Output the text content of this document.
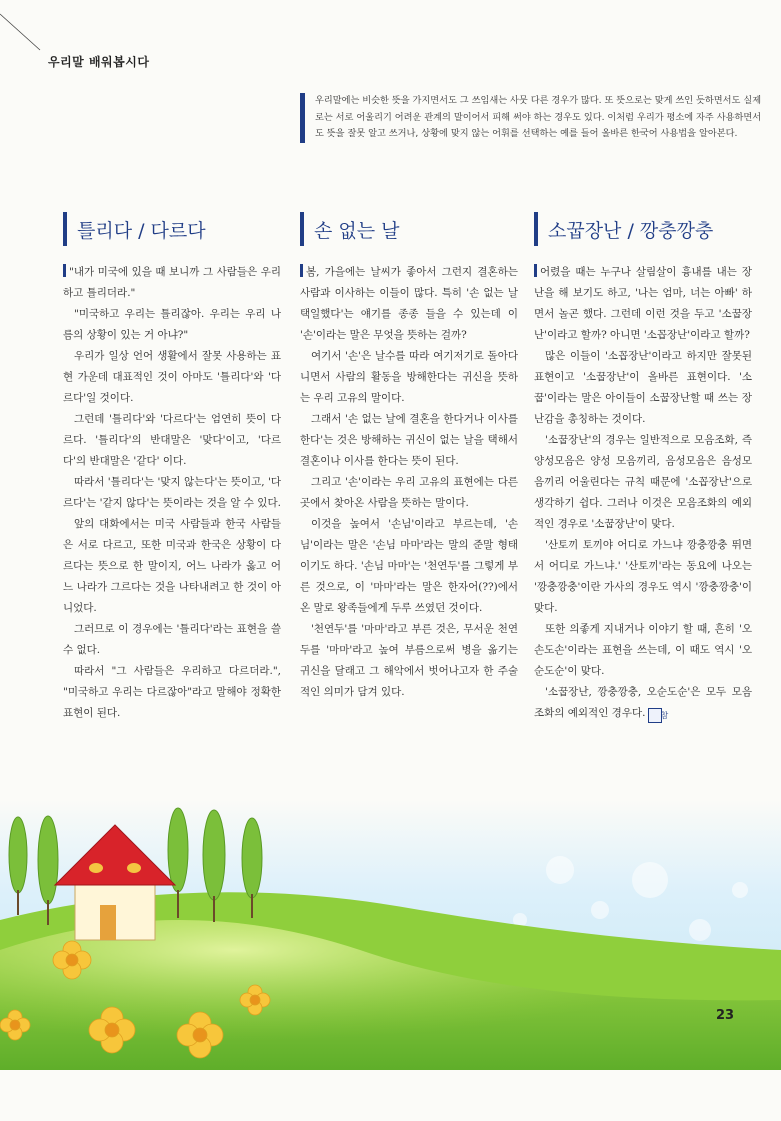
우리말 배워봅시다
우리말에는 비슷한 뜻을 가지면서도 그 쓰임새는 사뭇 다른 경우가 많다. 또 뜻으로는 맞게 쓰인 듯하면서도 실제로는 서로 어울리기 어려운 관계의 말이어서 피해 써야 하는 경우도 있다. 이처럼 우리가 평소에 자주 사용하면서도 뜻을 잘못 알고 쓰거나, 상황에 맞지 않는 어휘를 선택하는 예를 들어 올바른 한국어 사용법을 알아본다.
틀리다 / 다르다

"내가 미국에 있을 때 보니까 그 사람들은 우리하고 틀리더라."

"미국하고 우리는 틀리잖아. 우리는 우리 나름의 상황이 있는 거 아냐?"

우리가 일상 언어 생활에서 잘못 사용하는 표현 가운데 대표적인 것이 아마도 '틀리다'와 '다르다'일 것이다.

그런데 '틀리다'와 '다르다'는 엄연히 뜻이 다르다. '틀리다'의 반대말은 '맞다'이고, '다르다'의 반대말은 '같다' 이다.

따라서 '틀리다'는 '맞지 않는다'는 뜻이고, '다르다'는 '같지 않다'는 뜻이라는 것을 알 수 있다.

앞의 대화에서는 미국 사람들과 한국 사람들은 서로 다르고, 또한 미국과 한국은 상황이 다르다는 뜻으로 한 말이지, 어느 나라가 옳고 어느 나라가 그르다는 것을 나타내려고 한 것이 아니었다.

그러므로 이 경우에는 '틀리다'라는 표현을 쓸 수 없다.

따라서 "그 사람들은 우리하고 다르더라.", "미국하고 우리는 다르잖아"라고 말해야 정확한 표현이 된다.

손 없는 날

봄, 가을에는 날씨가 좋아서 그런지 결혼하는 사람과 이사하는 이들이 많다. 특히 '손 없는 날 택일했다'는 얘기를 종종 들을 수 있는데 이 '손'이라는 말은 무엇을 뜻하는 걸까?

여기서 '손'은 날수를 따라 여기저기로 돌아다니면서 사람의 활동을 방해한다는 귀신을 뜻하는 우리 고유의 말이다.

그래서 '손 없는 날에 결혼을 한다거나 이사를 한다'는 것은 방해하는 귀신이 없는 날을 택해서 결혼이나 이사를 한다는 뜻이 된다.

그리고 '손'이라는 우리 고유의 표현에는 다른 곳에서 찾아온 사람을 뜻하는 말이다.

이것을 높여서 '손님'이라고 부르는데, '손님'이라는 말은 '손님 마마'라는 말의 준말 형태이기도 하다. '손님 마마'는 '천연두'를 그렇게 부른 것으로, 이 '마마'라는 말은 한자어(??)에서 온 말로 왕족들에게 두루 쓰였던 것이다.

'천연두'를 '마마'라고 부른 것은, 무서운 천연두를 '마마'라고 높여 부름으로써 병을 옮기는 귀신을 달래고 그 해악에서 벗어나고자 한 주술적인 의미가 담겨 있다.

소꿉장난 / 깡충깡충

어렸을 때는 누구나 살림살이 흉내를 내는 장난을 해 보기도 하고, '나는 엄마, 너는 아빠' 하면서 놀곤 했다. 그런데 이런 것을 두고 '소꿉장난'이라고 할까? 아니면 '소꼽장난'이라고 할까?

많은 이들이 '소꼽장난'이라고 하지만 잘못된 표현이고 '소꿉장난'이 올바른 표현이다. '소꿉'이라는 말은 아이들이 소꿉장난할 때 쓰는 장난감을 총칭하는 것이다.

'소꿉장난'의 경우는 일반적으로 모음조화, 즉 양성모음은 양성 모음끼리, 음성모음은 음성모음끼리 어울린다는 규칙 때문에 '소꼽장난'으로 생각하기 쉽다. 그러나 이것은 모음조화의 예외적인 경우로 '소꿉장난'이 맞다.

'산토끼 토끼야 어디로 가느냐 깡충깡충 뛰면서 어디로 가느냐.' '산토끼'라는 동요에 나오는 '깡충깡충'이란 가사의 경우도 역시 '깡충깡충'이 맞다.

또한 의좋게 지내거나 이야기 할 때, 흔히 '오손도손'이라는 표현을 쓰는데, 이 때도 역시 '오순도순'이 맞다.

'소꿉장난, 깡충깡충, 오순도순'은 모두 모음조화의 예외적인 경우다. 참

23
